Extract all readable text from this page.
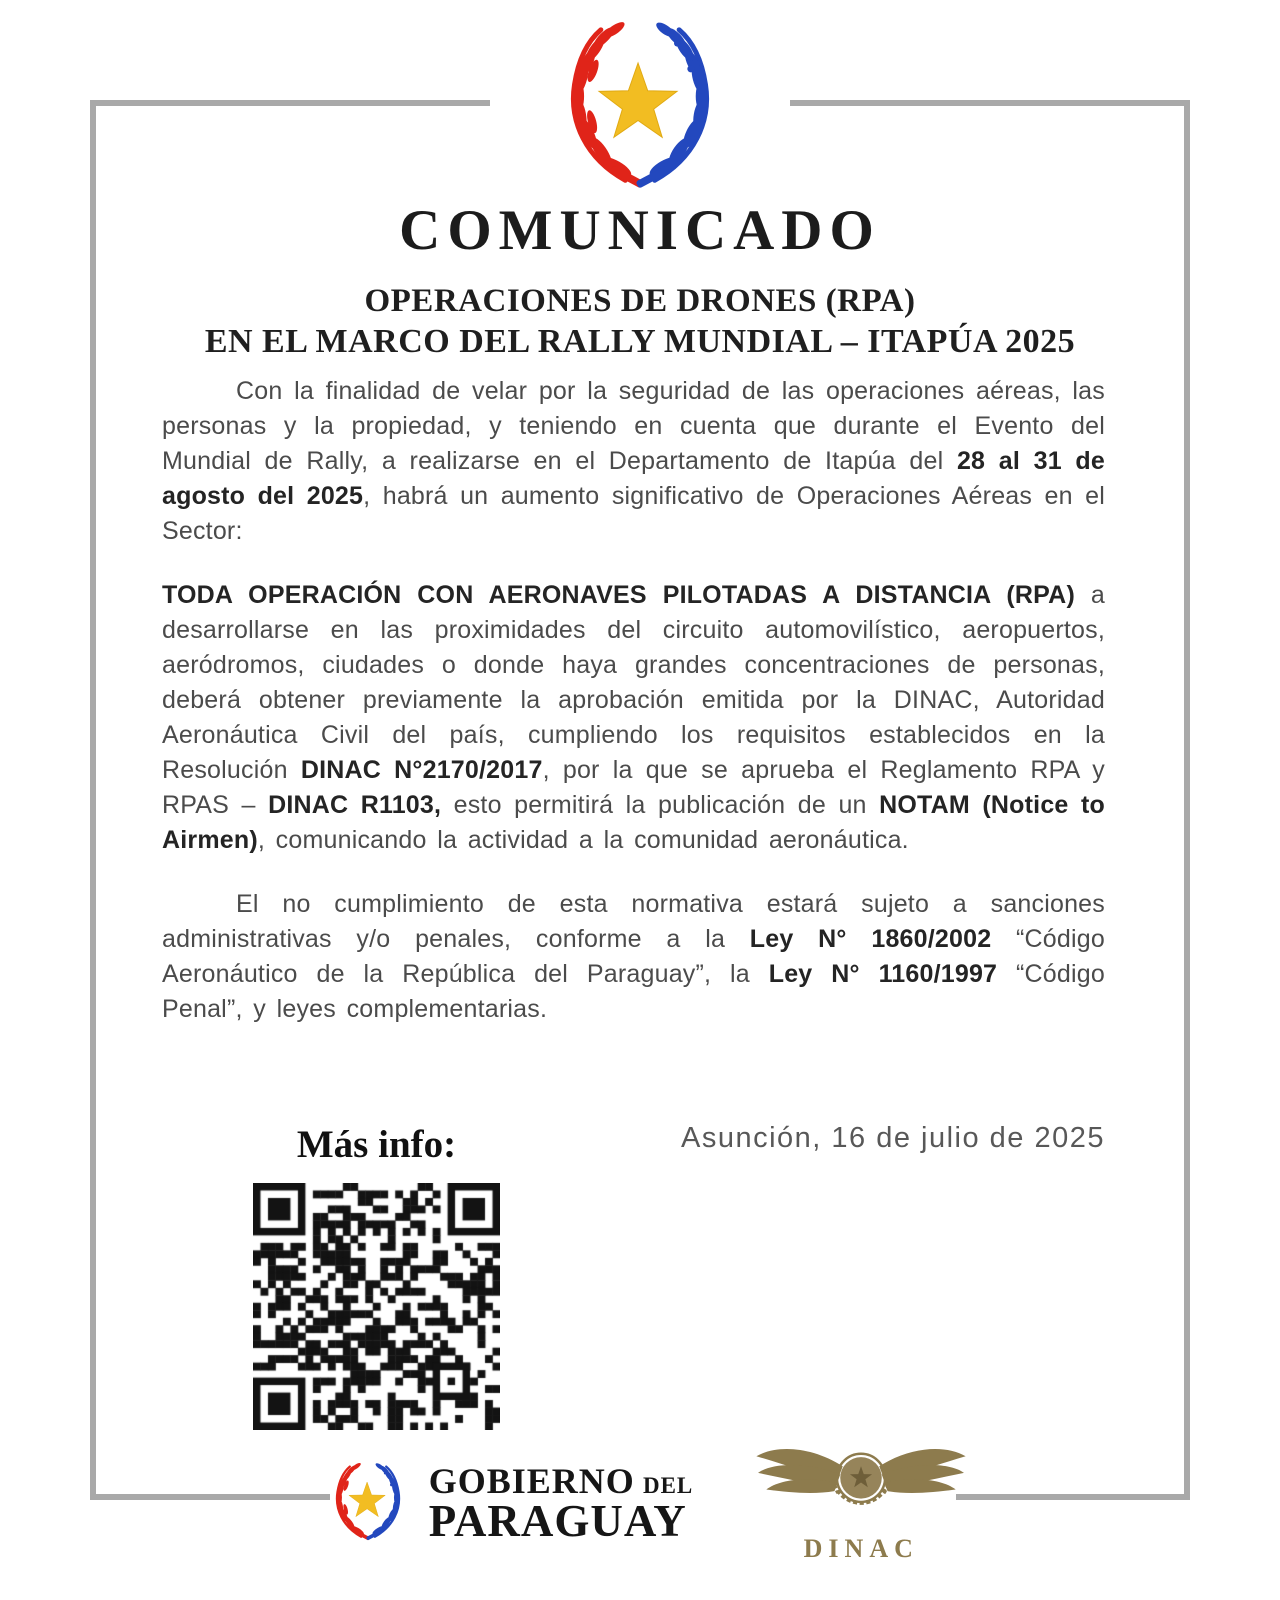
COMUNICADO
OPERACIONES DE DRONES (RPA)
EN EL MARCO DEL RALLY MUNDIAL – ITAPÚA 2025

Con la finalidad de velar por la seguridad de las operaciones aéreas, las personas y la propiedad, y teniendo en cuenta que durante el Evento del Mundial de Rally, a realizarse en el Departamento de Itapúa del 28 al 31 de agosto del 2025, habrá un aumento significativo de Operaciones Aéreas en el Sector:

TODA OPERACIÓN CON AERONAVES PILOTADAS A DISTANCIA (RPA) a desarrollarse en las proximidades del circuito automovilístico, aeropuertos, aeródromos, ciudades o donde haya grandes concentraciones de personas, deberá obtener previamente la aprobación emitida por la DINAC, Autoridad Aeronáutica Civil del país, cumpliendo los requisitos establecidos en la Resolución DINAC N°2170/2017, por la que se aprueba el Reglamento RPA y RPAS – DINAC R1103, esto permitirá la publicación de un NOTAM (Notice to Airmen), comunicando la actividad a la comunidad aeronáutica.

El no cumplimiento de esta normativa estará sujeto a sanciones administrativas y/o penales, conforme a la Ley N° 1860/2002 “Código Aeronáutico de la República del Paraguay”, la Ley N° 1160/1997 “Código Penal”, y leyes complementarias.

Asunción, 16 de julio de 2025
Más info:
GOBIERNO  DEL
PARAGUAY
DINAC
